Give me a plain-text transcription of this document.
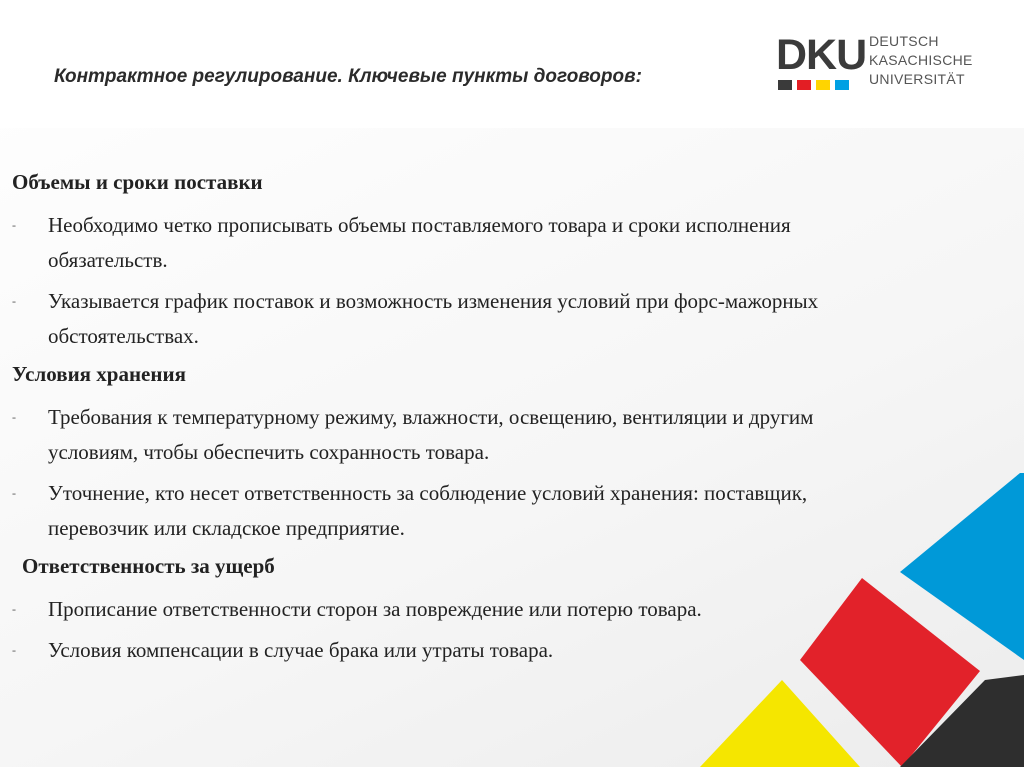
Контрактное регулирование. Ключевые пункты договоров:	DKU DEUTSCH
KASACHISCHE
UNIVERSITÄT
Объемы и сроки поставки
- Необходимо четко прописывать объемы поставляемого товара и сроки исполнения обязательств.
- Указывается график поставок и возможность изменения условий при форс-мажорных обстоятельствах.
Условия хранения
- Требования к температурному режиму, влажности, освещению, вентиляции и другим условиям, чтобы обеспечить сохранность товара.
- Уточнение, кто несет ответственность за соблюдение условий хранения: поставщик, перевозчик или складское предприятие.
Ответственность за ущерб
- Прописание ответственности сторон за повреждение или потерю товара.
- Условия компенсации в случае брака или утраты товара.
